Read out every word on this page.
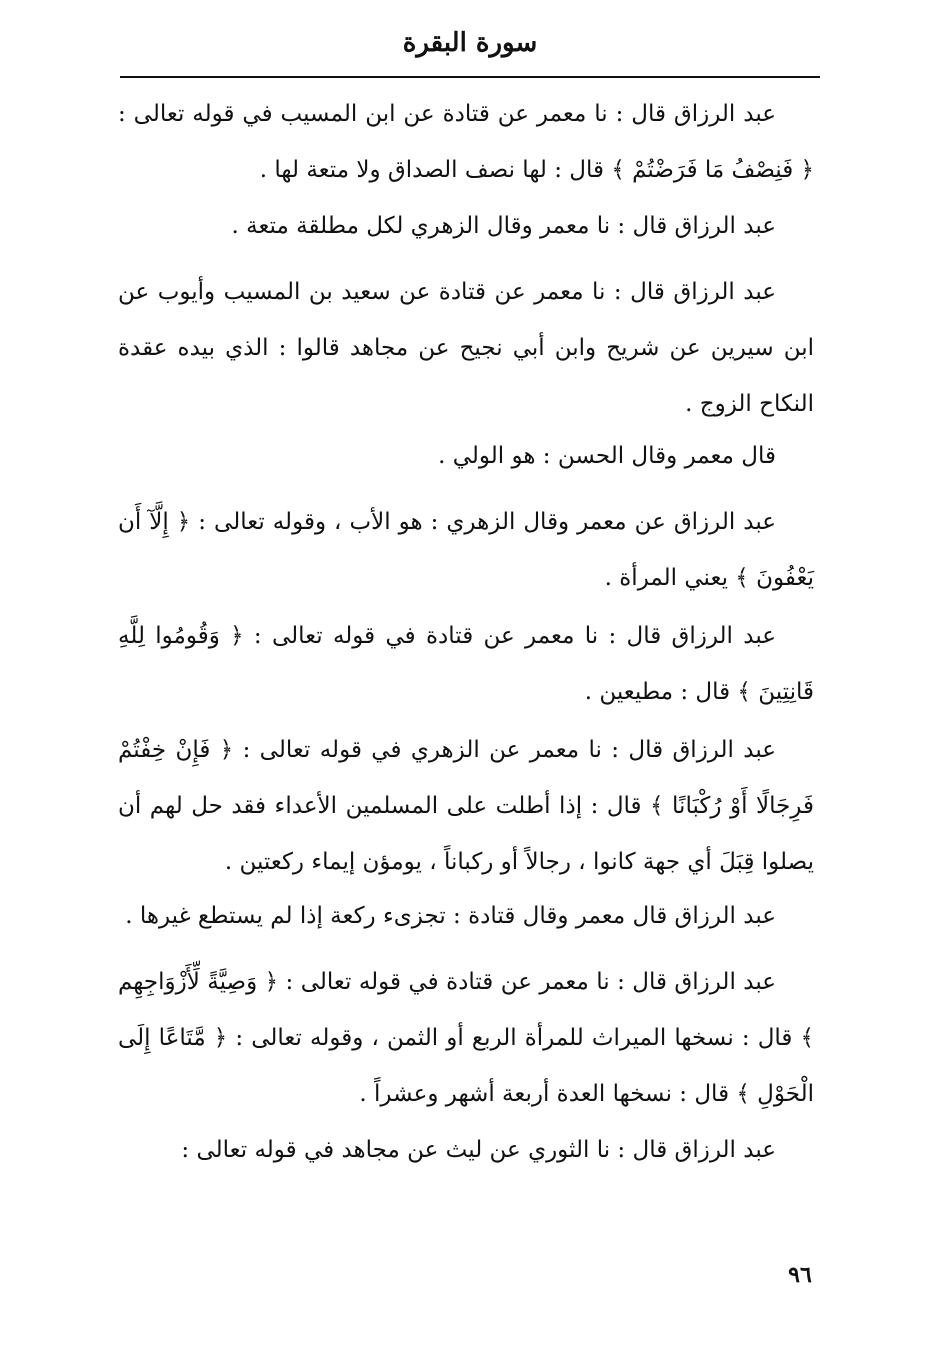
سورة البقرة

عبد الرزاق قال : نا معمر عن قتادة عن ابن المسيب في قوله تعالى : ﴿ فَنِصْفُ مَا فَرَضْتُمْ ﴾ قال : لها نصف الصداق ولا متعة لها .

عبد الرزاق قال : نا معمر وقال الزهري لكل مطلقة متعة .

عبد الرزاق قال : نا معمر عن قتادة عن سعيد بن المسيب وأيوب عن ابن سيرين عن شريح وابن أبي نجيح عن مجاهد قالوا : الذي بيده عقدة النكاح الزوج .

قال معمر وقال الحسن : هو الولي .

عبد الرزاق عن معمر وقال الزهري : هو الأب ، وقوله تعالى : ﴿ إِلَّآ أَن يَعْفُونَ ﴾ يعني المرأة .

عبد الرزاق قال : نا معمر عن قتادة في قوله تعالى : ﴿ وَقُومُوا لِلَّهِ قَانِتِينَ ﴾ قال : مطيعين .

عبد الرزاق قال : نا معمر عن الزهري في قوله تعالى : ﴿ فَإِنْ خِفْتُمْ فَرِجَالًا أَوْ رُكْبَانًا ﴾ قال : إذا أطلت على المسلمين الأعداء فقد حل لهم أن يصلوا قِبَلَ أي جهة كانوا ، رجالاً أو ركباناً ، يومؤن إيماء ركعتين .

عبد الرزاق قال معمر وقال قتادة : تجزىء ركعة إذا لم يستطع غيرها .

عبد الرزاق قال : نا معمر عن قتادة في قوله تعالى : ﴿ وَصِيَّةً لِّأَزْوَاجِهِم ﴾ قال : نسخها الميراث للمرأة الربع أو الثمن ، وقوله تعالى : ﴿ مَّتَاعًا إِلَى الْحَوْلِ ﴾ قال : نسخها العدة أربعة أشهر وعشراً .

عبد الرزاق قال : نا الثوري عن ليث عن مجاهد في قوله تعالى :

٩٦
